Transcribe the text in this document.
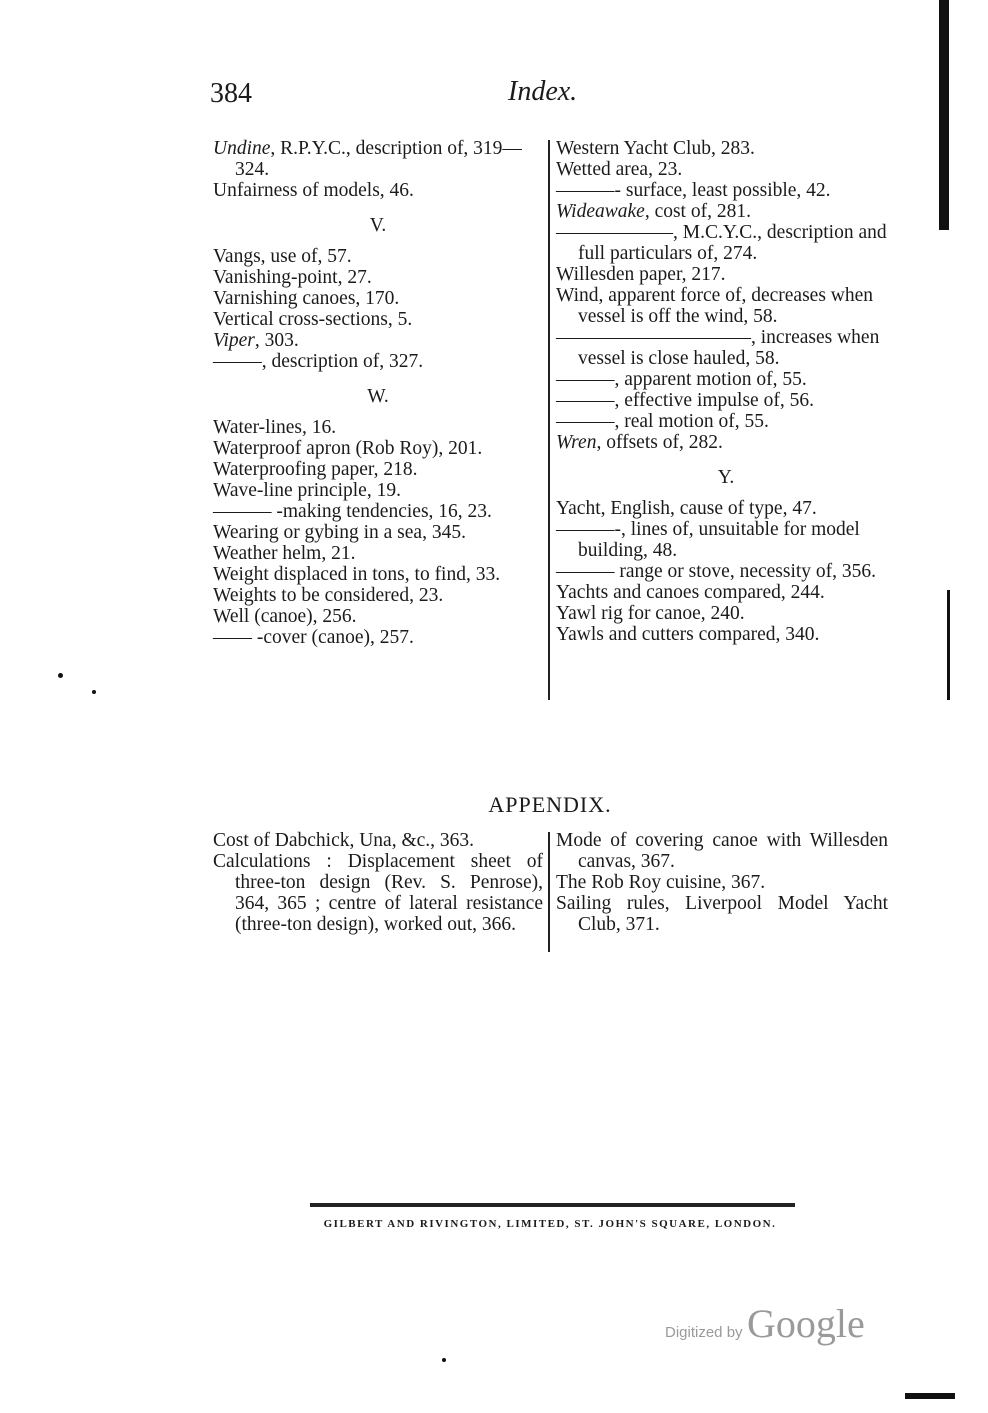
384	Index.

Undine, R.P.Y.C., description of, 319—324.

Unfairness of models, 46.

V.

Vangs, use of, 57.

Vanishing-point, 27.

Varnishing canoes, 170.

Vertical cross-sections, 5.

Viper, 303.

——–, description of, 327.

W.

Water-lines, 16.

Waterproof apron (Rob Roy), 201.

Waterproofing paper, 218.

Wave-line principle, 19.

——— -making tendencies, 16, 23.

Wearing or gybing in a sea, 345.

Weather helm, 21.

Weight displaced in tons, to find, 33.

Weights to be considered, 23.

Well (canoe), 256.

—— -cover (canoe), 257.

Western Yacht Club, 283.

Wetted area, 23.

———- surface, least possible, 42.

Wideawake, cost of, 281.

——————, M.C.Y.C., description and full particulars of, 274.

Willesden paper, 217.

Wind, apparent force of, decreases when vessel is off the wind, 58.

——————————, increases when vessel is close hauled, 58.

———, apparent motion of, 55.

———, effective impulse of, 56.

———, real motion of, 55.

Wren, offsets of, 282.

Y.

Yacht, English, cause of type, 47.

———-, lines of, unsuitable for model building, 48.

——— range or stove, necessity of, 356.

Yachts and canoes compared, 244.

Yawl rig for canoe, 240.

Yawls and cutters compared, 340.

APPENDIX.

Cost of Dabchick, Una, &c., 363.

Calculations : Displacement sheet of three-ton design (Rev. S. Penrose), 364, 365 ; centre of lateral resistance (three-ton design), worked out, 366.

Mode of covering canoe with Willesden canvas, 367.

The Rob Roy cuisine, 367.

Sailing rules, Liverpool Model Yacht Club, 371.

GILBERT AND RIVINGTON, LIMITED, ST. JOHN'S SQUARE, LONDON.
Digitized by Google
